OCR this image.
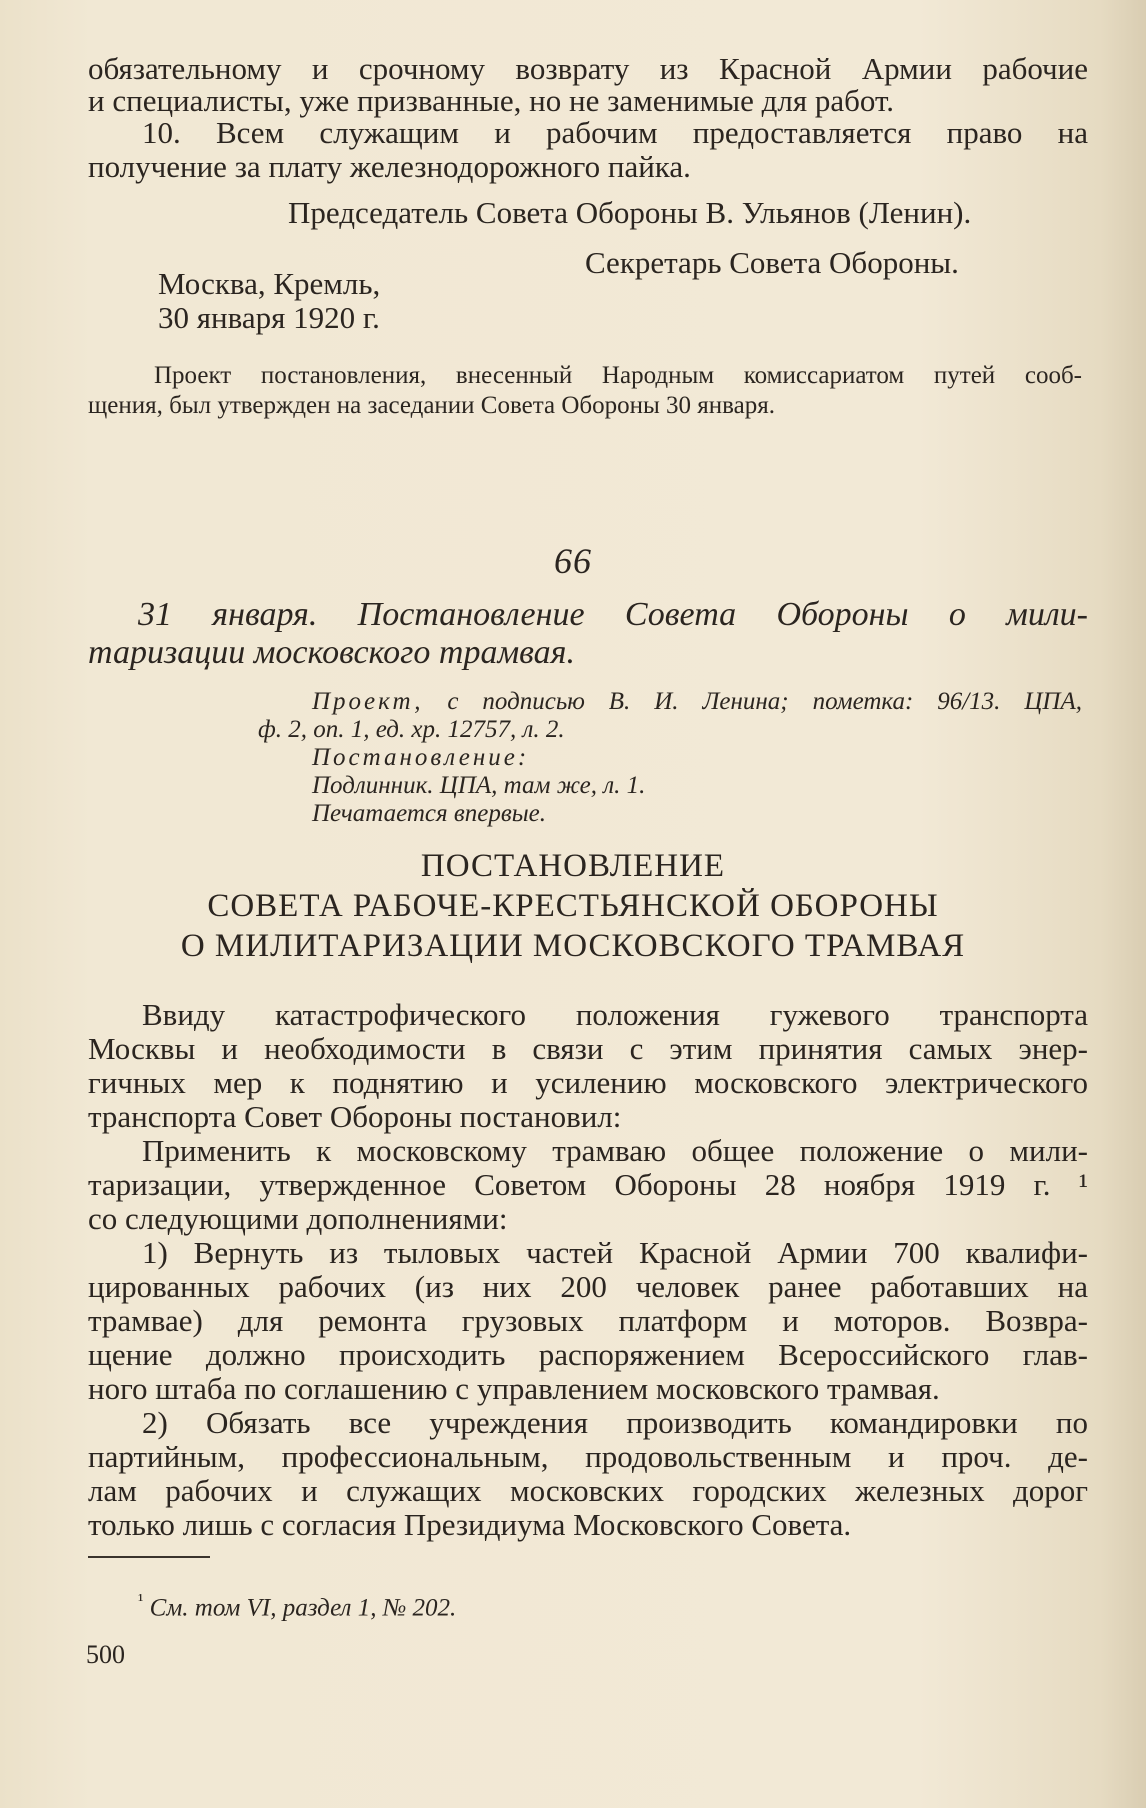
обязательному и срочному возврату из Красной Армии рабочие
и специалисты, уже призванные, но не заменимые для работ.
10. Всем служащим и рабочим предоставляется право на
получение за плату железнодорожного пайка.
Председатель Совета Обороны В. Ульянов (Ленин).
Секретарь Совета Обороны.
Москва, Кремль,
30 января 1920 г.
Проект постановления, внесенный Народным комиссариатом путей сооб-
щения, был утвержден на заседании Совета Обороны 30 января.
66
31 января. Постановление Совета Обороны о мили-
таризации московского трамвая.
Проект, с подписью В. И. Ленина; пометка: 96/13. ЦПА,
ф. 2, оп. 1, ед. хр. 12757, л. 2.
Постановление:
Подлинник. ЦПА, там же, л. 1.
Печатается впервые.
ПОСТАНОВЛЕНИЕ
СОВЕТА РАБОЧЕ-КРЕСТЬЯНСКОЙ ОБОРОНЫ
О МИЛИТАРИЗАЦИИ МОСКОВСКОГО ТРАМВАЯ
Ввиду катастрофического положения гужевого транспорта
Москвы и необходимости в связи с этим принятия самых энер-
гичных мер к поднятию и усилению московского электрического
транспорта Совет Обороны постановил:
Применить к московскому трамваю общее положение о мили-
таризации, утвержденное Советом Обороны 28 ноября 1919 г. ¹
со следующими дополнениями:
1) Вернуть из тыловых частей Красной Армии 700 квалифи-
цированных рабочих (из них 200 человек ранее работавших на
трамвае) для ремонта грузовых платформ и моторов. Возвра-
щение должно происходить распоряжением Всероссийского глав-
ного штаба по соглашению с управлением московского трамвая.
2) Обязать все учреждения производить командировки по
партийным, профессиональным, продовольственным и проч. де-
лам рабочих и служащих московских городских железных дорог
только лишь с согласия Президиума Московского Совета.
$^{^1}$ См. том VI, раздел 1, № 202.
500
